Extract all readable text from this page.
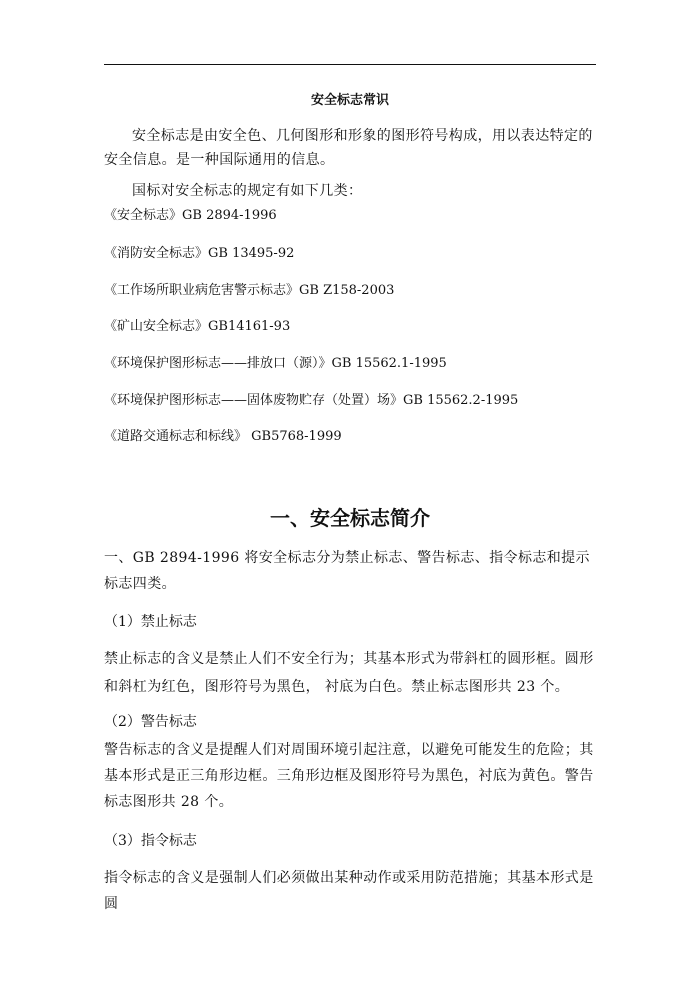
安全标志常识
安全标志是由安全色、几何图形和形象的图形符号构成，用以表达特定的安全信息。是一种国际通用的信息。
国标对安全标志的规定有如下几类：
《安全标志》GB 2894-1996
《消防安全标志》GB 13495-92
《工作场所职业病危害警示标志》GB Z158-2003
《矿山安全标志》GB14161-93
《环境保护图形标志——排放口（源）》GB 15562.1-1995
《环境保护图形标志——固体废物贮存（处置）场》GB 15562.2-1995
《道路交通标志和标线》 GB5768-1999
一、安全标志简介
一、GB 2894-1996 将安全标志分为禁止标志、警告标志、指令标志和提示标志四类。
（1）禁止标志
禁止标志的含义是禁止人们不安全行为；其基本形式为带斜杠的圆形框。圆形和斜杠为红色，图形符号为黑色， 衬底为白色。禁止标志图形共 23 个。
（2）警告标志
警告标志的含义是提醒人们对周围环境引起注意，以避免可能发生的危险；其基本形式是正三角形边框。三角形边框及图形符号为黑色，衬底为黄色。警告标志图形共 28 个。
（3）指令标志
指令标志的含义是强制人们必须做出某种动作或采用防范措施；其基本形式是圆
